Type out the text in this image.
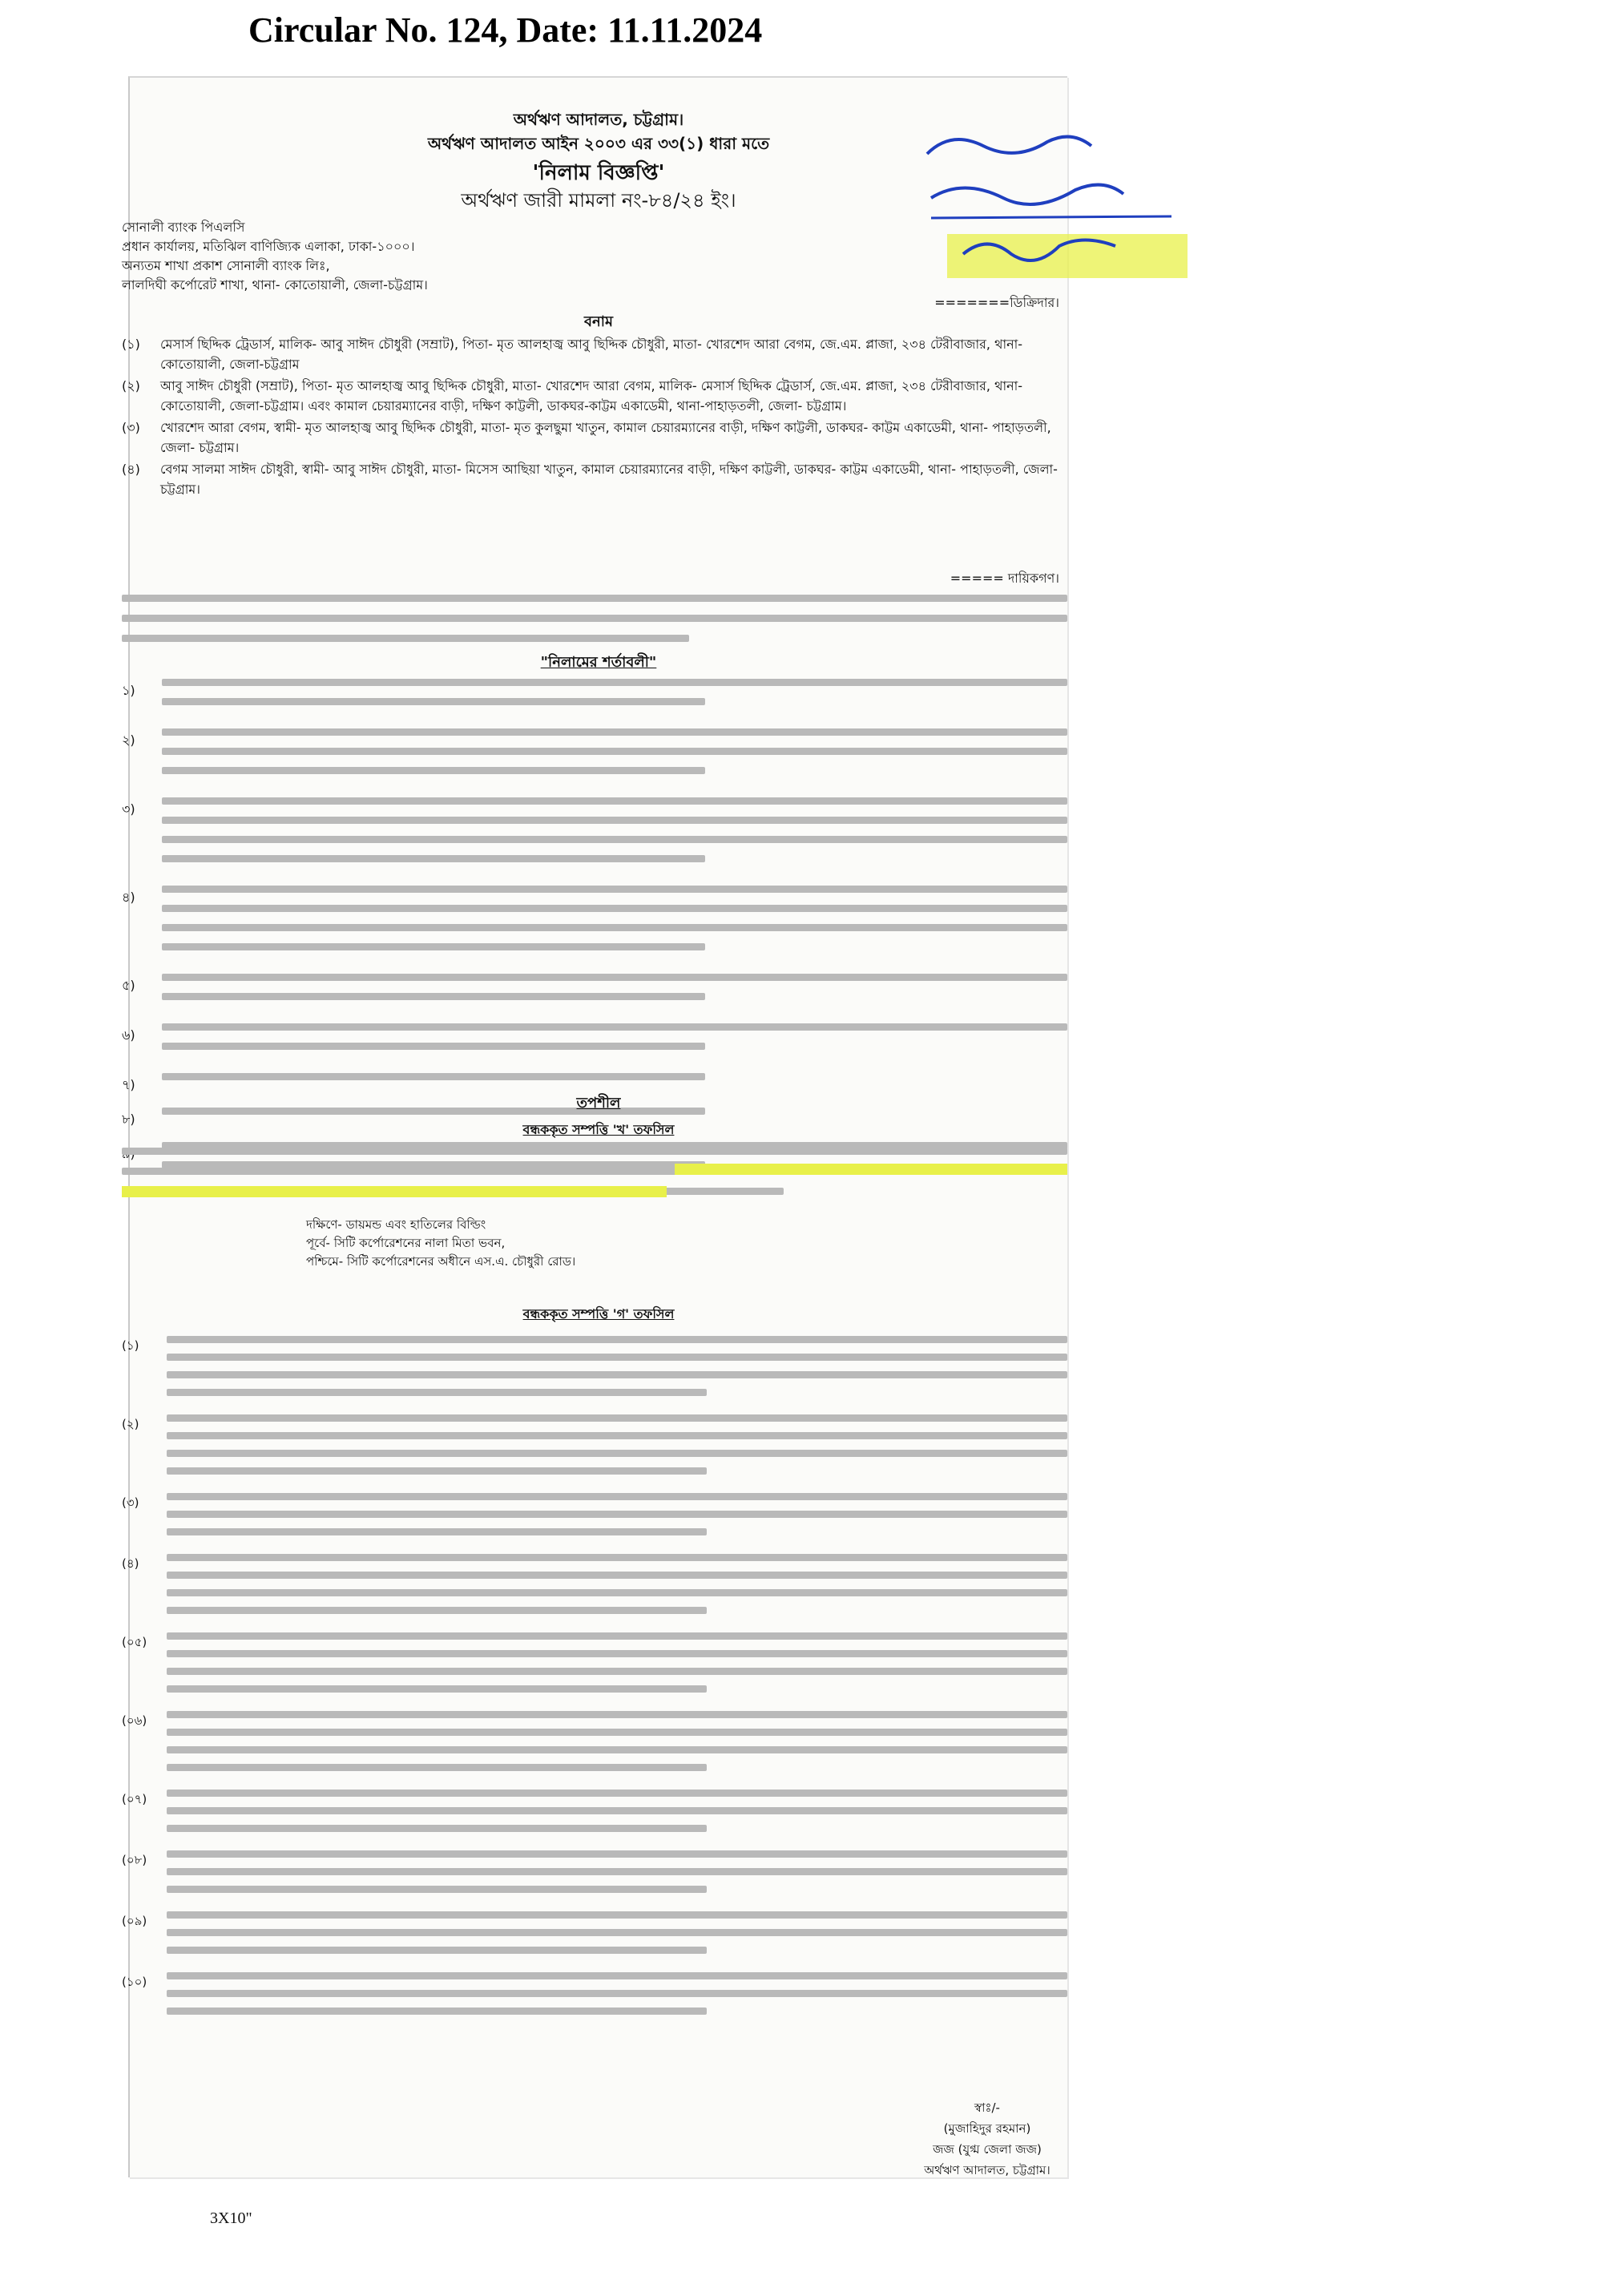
Circular No. 124, Date: 11.11.2024
অর্থঋণ আদালত, চট্টগ্রাম।
অর্থঋণ আদালত আইন ২০০৩ এর ৩৩(১) ধারা মতে
'নিলাম বিজ্ঞপ্তি'
অর্থঋণ জারী মামলা নং-৮৪/২৪ ইং।
সোনালী ব্যাংক পিএলসি
প্রধান কার্যালয়, মতিঝিল বাণিজ্যিক এলাকা, ঢাকা-১০০০।
অন্যতম শাখা প্রকাশ সোনালী ব্যাংক লিঃ,
লালদিঘী কর্পোরেট শাখা, থানা- কোতোয়ালী, জেলা-চট্টগ্রাম।
=======ডিক্রিদার।
বনাম
(১)	মেসার্স ছিদ্দিক ট্রেডার্স, মালিক- আবু সাঈদ চৌধুরী (সম্রাট), পিতা- মৃত আলহাজ্ব আবু ছিদ্দিক চৌধুরী, মাতা- খোরশেদ আরা বেগম, জে.এম. প্লাজা, ২৩৪ টেরীবাজার, থানা-কোতোয়ালী, জেলা-চট্টগ্রাম
(২)	আবু সাঈদ চৌধুরী (সম্রাট), পিতা- মৃত আলহাজ্ব আবু ছিদ্দিক চৌধুরী, মাতা- খোরশেদ আরা বেগম, মালিক- মেসার্স ছিদ্দিক ট্রেডার্স, জে.এম. প্লাজা, ২৩৪ টেরীবাজার, থানা-কোতোয়ালী, জেলা-চট্টগ্রাম। এবং কামাল চেয়ারম্যানের বাড়ী, দক্ষিণ কাট্টলী, ডাকঘর-কাট্টম একাডেমী, থানা-পাহাড়তলী, জেলা- চট্টগ্রাম।
(৩)	খোরশেদ আরা বেগম, স্বামী- মৃত আলহাজ্ব আবু ছিদ্দিক চৌধুরী, মাতা- মৃত কুলছুমা খাতুন, কামাল চেয়ারম্যানের বাড়ী, দক্ষিণ কাট্টলী, ডাকঘর- কাট্টম একাডেমী, থানা- পাহাড়তলী, জেলা- চট্টগ্রাম।
(৪)	বেগম সালমা সাঈদ চৌধুরী, স্বামী- আবু সাঈদ চৌধুরী, মাতা- মিসেস আছিয়া খাতুন, কামাল চেয়ারম্যানের বাড়ী, দক্ষিণ কাট্টলী, ডাকঘর- কাট্টম একাডেমী, থানা- পাহাড়তলী, জেলা- চট্টগ্রাম।
===== দায়িকগণ।
"নিলামের শর্তাবলী"
১)
২)
৩)
৪)
৫)
৬)
৭)
৮)
তপশীল
বন্ধককৃত সম্পত্তি 'খ' তফসিল
দক্ষিণে- ডায়মন্ড এবং হাতিলের বিল্ডিং
পূর্বে- সিটি কর্পোরেশনের নালা মিতা ভবন,
পশ্চিমে- সিটি কর্পোরেশনের অধীনে এস.এ. চৌধুরী রোড।
বন্ধককৃত সম্পত্তি 'গ' তফসিল
(১)
(২)
(৩)
(৪)
(০৫)
(০৬)
(০৭)
(০৮)
(০৯)
(১০)
স্বাঃ/-
(মুজাহিদুর রহমান)
জজ (যুগ্ম জেলা জজ)
অর্থঋণ আদালত, চট্টগ্রাম।
3X10"
